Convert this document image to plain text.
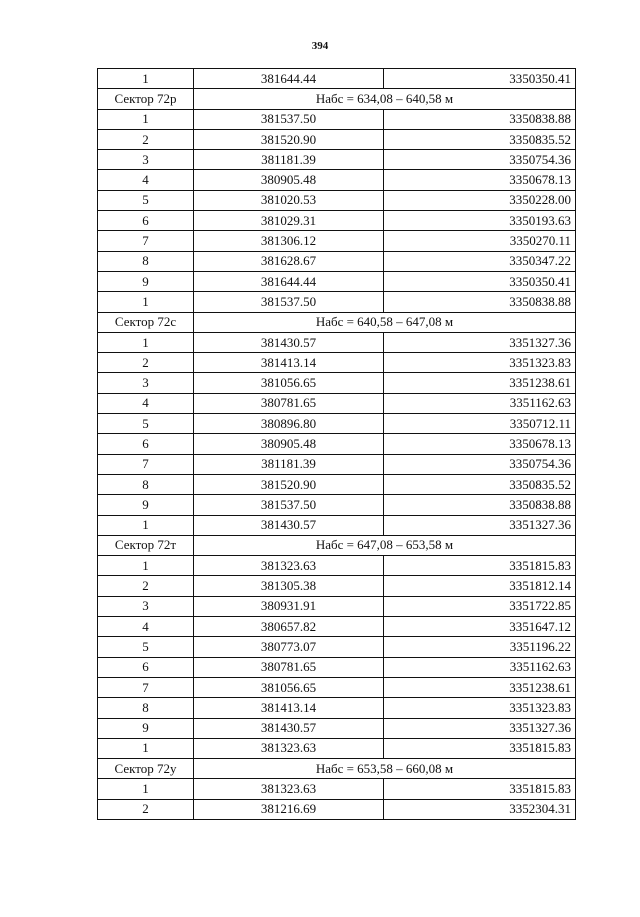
394
1	381644.44	3350350.41
Сектор 72р	Набс = 634,08 – 640,58 м	
1	381537.50	3350838.88
2	381520.90	3350835.52
3	381181.39	3350754.36
4	380905.48	3350678.13
5	381020.53	3350228.00
6	381029.31	3350193.63
7	381306.12	3350270.11
8	381628.67	3350347.22
9	381644.44	3350350.41
1	381537.50	3350838.88
Сектор 72с	Набс = 640,58 – 647,08 м	
1	381430.57	3351327.36
2	381413.14	3351323.83
3	381056.65	3351238.61
4	380781.65	3351162.63
5	380896.80	3350712.11
6	380905.48	3350678.13
7	381181.39	3350754.36
8	381520.90	3350835.52
9	381537.50	3350838.88
1	381430.57	3351327.36
Сектор 72т	Набс = 647,08 – 653,58 м	
1	381323.63	3351815.83
2	381305.38	3351812.14
3	380931.91	3351722.85
4	380657.82	3351647.12
5	380773.07	3351196.22
6	380781.65	3351162.63
7	381056.65	3351238.61
8	381413.14	3351323.83
9	381430.57	3351327.36
1	381323.63	3351815.83
Сектор 72у	Набс = 653,58 – 660,08 м	
1	381323.63	3351815.83
2	381216.69	3352304.31
